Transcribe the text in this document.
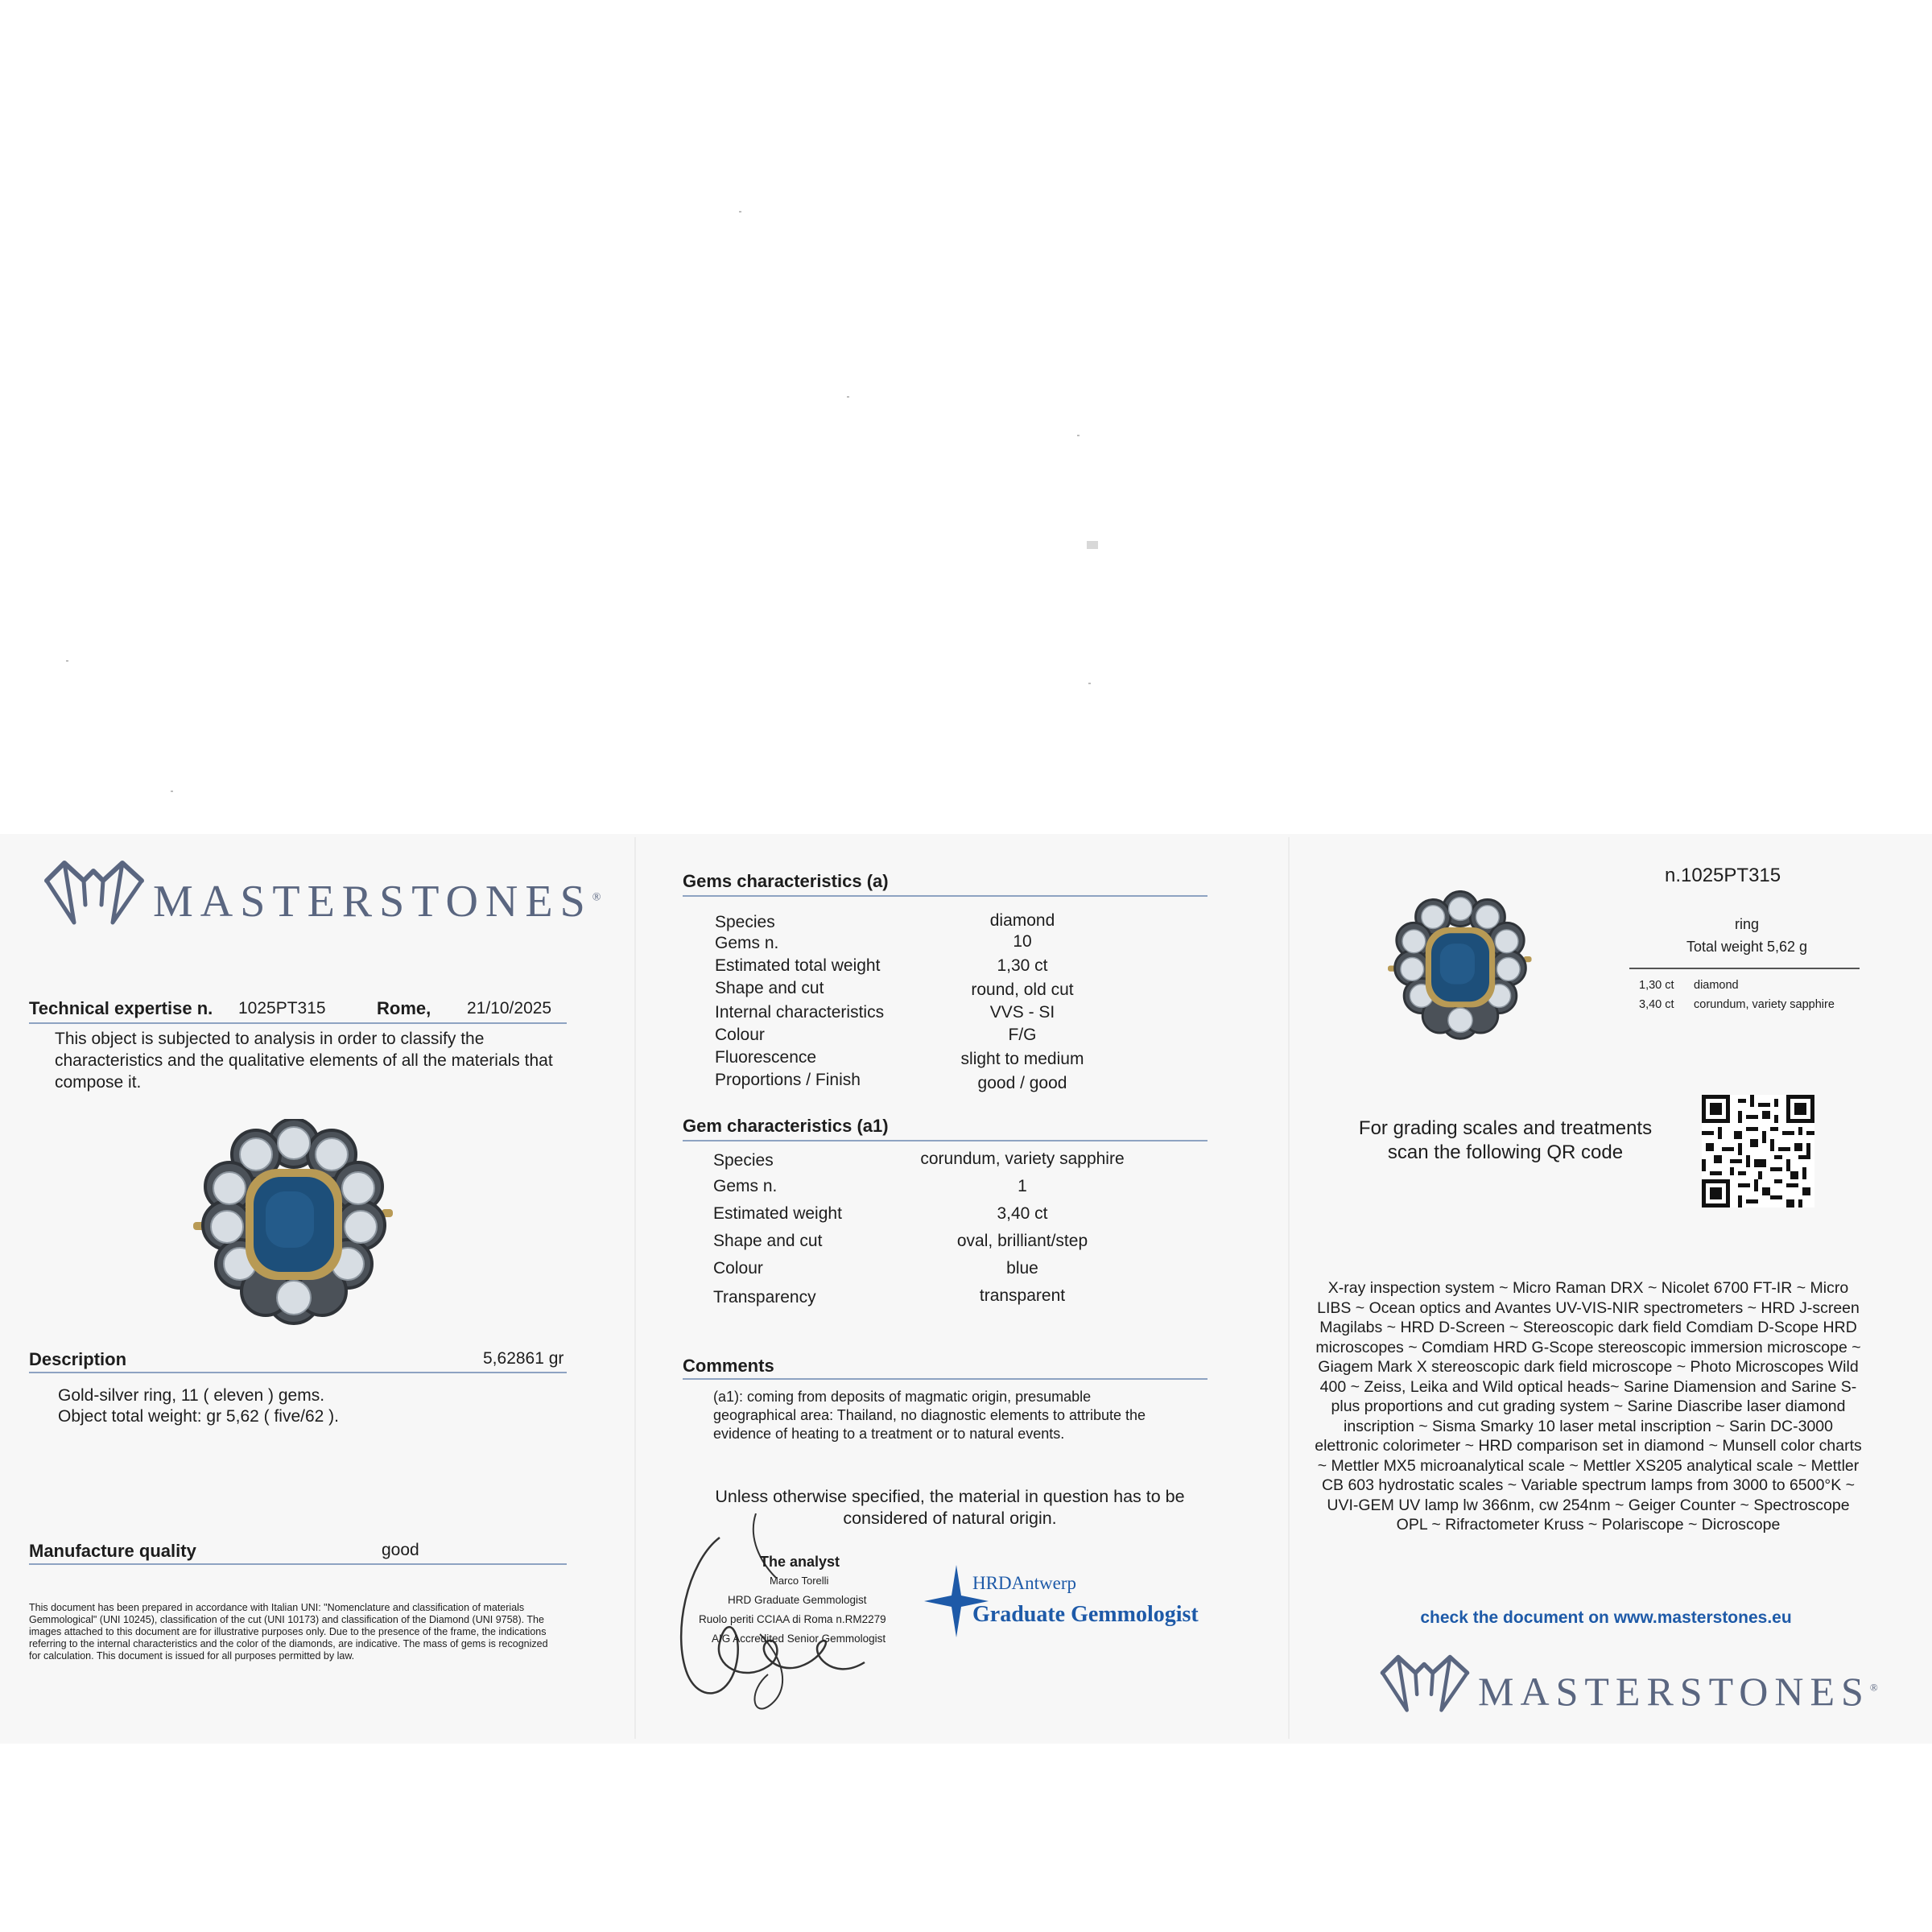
MASTERSTONES®
Technical expertise n. 1025PT315	Rome, 21/10/2025
This object is subjected to analysis in order to classify the characteristics and the qualitative elements of all the materials that compose it.
Description	5,62861 gr
Gold-silver ring, 11 ( eleven ) gems.
Object total weight: gr 5,62 ( five/62 ).
Manufacture quality	good
This document has been prepared in accordance with Italian UNI: "Nomenclature and classification of materials Gemmological" (UNI 10245), classification of the cut (UNI 10173) and classification of the Diamond (UNI 9758). The images attached to this document are for illustrative purposes only. Due to the presence of the frame, the indications referring to the internal characteristics and the color of the diamonds, are indicative. The mass of gems is recognized for calculation. This document is issued for all purposes permitted by law.
Gems characteristics (a)
Species	diamond
Gems n.	10
Estimated total weight	1,30 ct
Shape and cut	round, old cut
Internal characteristics	VVS - SI
Colour	F/G
Fluorescence	slight to medium
Proportions / Finish	good / good
Gem characteristics (a1)
Species	corundum, variety sapphire
Gems n.	1
Estimated weight	3,40 ct
Shape and cut	oval, brilliant/step
Colour	blue
Transparency	transparent
Comments
(a1): coming from deposits of magmatic origin, presumable geographical area: Thailand, no diagnostic elements to attribute the evidence of heating to a treatment or to natural events.
Unless otherwise specified, the material in question has to be considered of natural origin.
The analyst
Marco Torelli
HRD Graduate Gemmologist
Ruolo periti CCIAA di Roma n.RM2279
AIG Accredited Senior Gemmologist
HRDAntwerp
Graduate Gemmologist
n.1025PT315
ring
Total weight 5,62 g
1,30 ct diamond
3,40 ct corundum, variety sapphire
For grading scales and treatments
scan the following QR code
X-ray inspection system ~ Micro Raman DRX ~ Nicolet 6700 FT-IR ~ Micro LIBS ~ Ocean optics and Avantes UV-VIS-NIR spectrometers ~ HRD J-screen Magilabs ~ HRD D-Screen ~ Stereoscopic dark field Comdiam D-Scope HRD microscopes ~ Comdiam HRD G-Scope stereoscopic immersion microscope ~ Giagem Mark X stereoscopic dark field microscope ~ Photo Microscopes Wild 400 ~ Zeiss, Leika and Wild optical heads~ Sarine Diamension and Sarine S-plus proportions and cut grading system ~ Sarine Diascribe laser diamond inscription ~ Sisma Smarky 10 laser metal inscription ~ Sarin DC-3000 elettronic colorimeter ~ HRD comparison set in diamond ~ Munsell color charts ~ Mettler MX5 microanalytical scale ~ Mettler XS205 analytical scale ~ Mettler CB 603 hydrostatic scales ~ Variable spectrum lamps from 3000 to 6500°K ~ UVI-GEM UV lamp lw 366nm, cw 254nm ~ Geiger Counter ~ Spectroscope OPL ~ Rifractometer Kruss ~ Polariscope ~ Dicroscope
check the document on www.masterstones.eu
MASTERSTONES®
